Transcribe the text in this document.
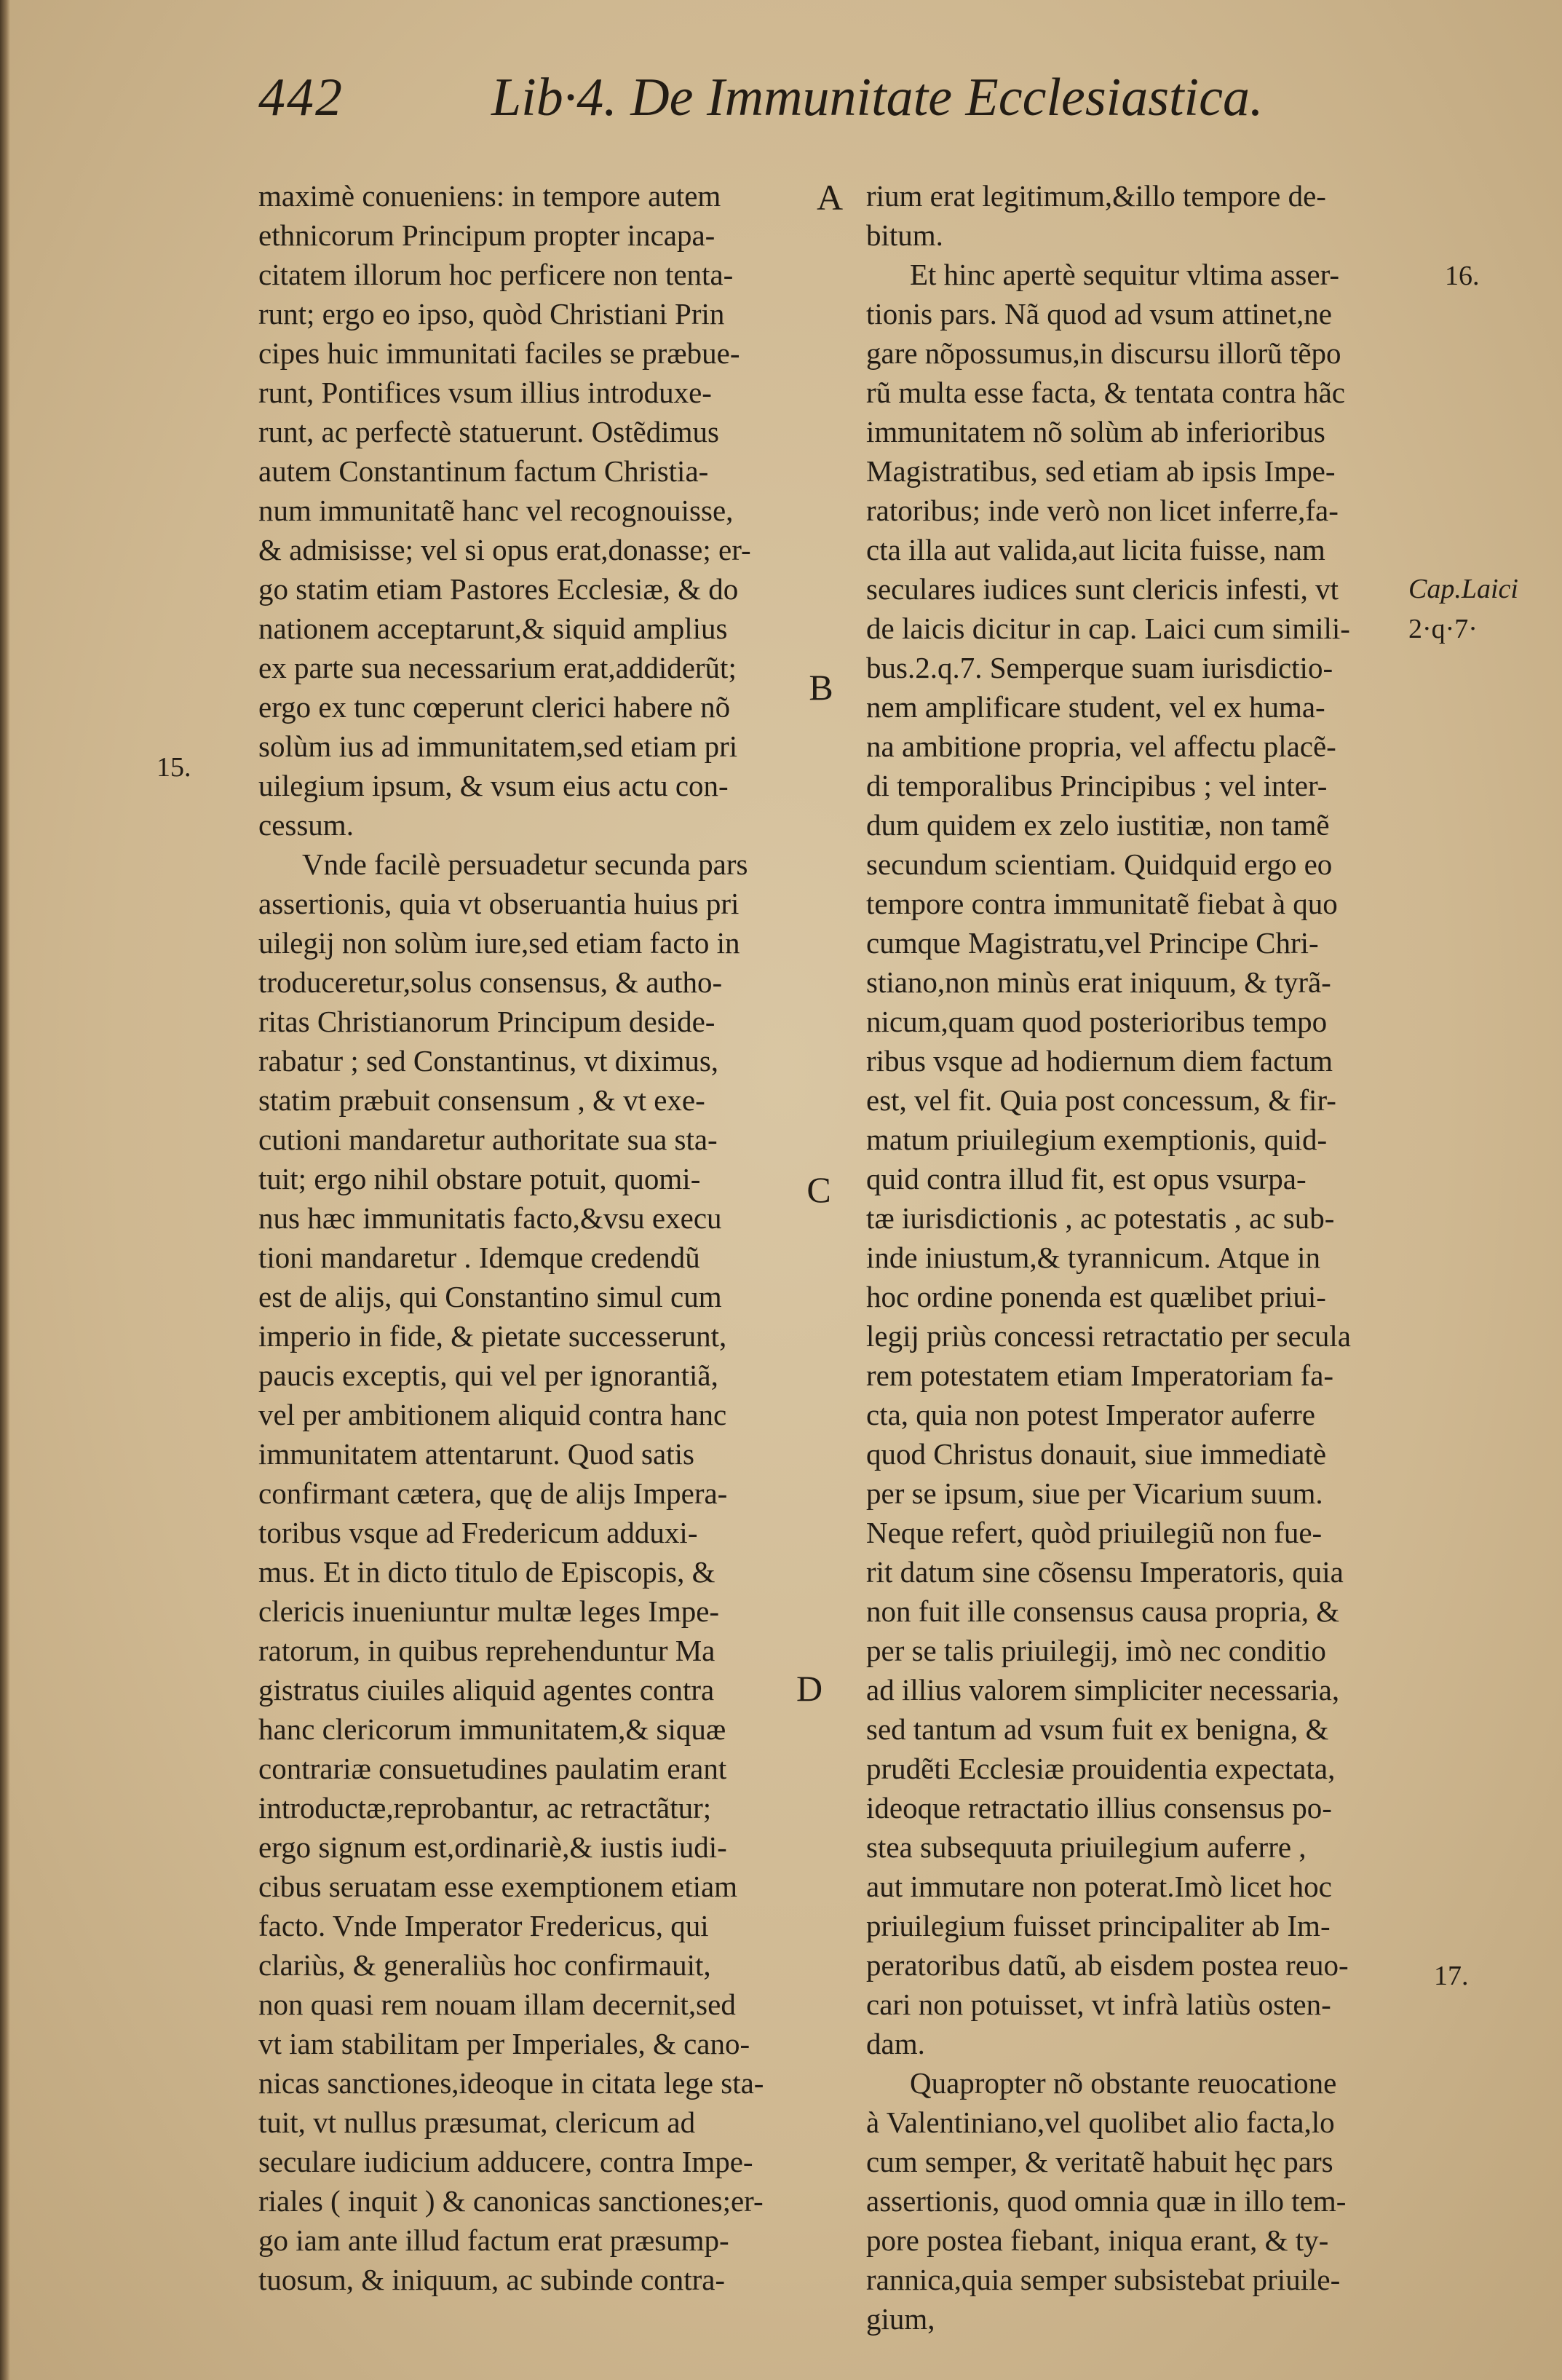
442	Lib·4. De Immunitate Ecclesiastica.
maximè conueniens: in tempore autem
ethnicorum Principum propter incapa-
citatem illorum hoc perficere non tenta-
runt; ergo eo ipso, quòd Christiani Prin
cipes huic immunitati faciles se præbue-
runt, Pontifices vsum illius introduxe-
runt, ac perfectè statuerunt. Ostẽdimus
autem Constantinum factum Christia-
num immunitatẽ hanc vel recognouisse,
& admisisse; vel si opus erat,donasse; er-
go statim etiam Pastores Ecclesiæ, & do
nationem acceptarunt,& siquid amplius
ex parte sua necessarium erat,addiderũt;
ergo ex tunc cœperunt clerici habere nõ
solùm ius ad immunitatem,sed etiam pri
uilegium ipsum, & vsum eius actu con-
cessum.
Vnde facilè persuadetur secunda pars
assertionis, quia vt obseruantia huius pri
uilegij non solùm iure,sed etiam facto in
troduceretur,solus consensus, & autho-
ritas Christianorum Principum deside-
rabatur ; sed Constantinus, vt diximus,
statim præbuit consensum , & vt exe-
cutioni mandaretur authoritate sua sta-
tuit; ergo nihil obstare potuit, quomi-
nus hæc immunitatis facto,&vsu execu
tioni mandaretur . Idemque credendũ
est de alijs, qui Constantino simul cum
imperio in fide, & pietate successerunt,
paucis exceptis, qui vel per ignorantiã,
vel per ambitionem aliquid contra hanc
immunitatem attentarunt. Quod satis
confirmant cætera, quę de alijs Impera-
toribus vsque ad Fredericum adduxi-
mus. Et in dicto titulo de Episcopis, &
clericis inueniuntur multæ leges Impe-
ratorum, in quibus reprehenduntur Ma
gistratus ciuiles aliquid agentes contra
hanc clericorum immunitatem,& siquæ
contrariæ consuetudines paulatim erant
introductæ,reprobantur, ac retractãtur;
ergo signum est,ordinariè,& iustis iudi-
cibus seruatam esse exemptionem etiam
facto. Vnde Imperator Fredericus, qui
clariùs, & generaliùs hoc confirmauit,
non quasi rem nouam illam decernit,sed
vt iam stabilitam per Imperiales, & cano-
nicas sanctiones,ideoque in citata lege sta-
tuit, vt nullus præsumat, clericum ad
seculare iudicium adducere, contra Impe-
riales ( inquit ) & canonicas sanctiones;er-
go iam ante illud factum erat præsump-
tuosum, & iniquum, ac subinde contra-
rium erat legitimum,&illo tempore de-
bitum.
Et hinc apertè sequitur vltima asser-
tionis pars. Nã quod ad vsum attinet,ne
gare nõpossumus,in discursu illorũ tẽpo
rũ multa esse facta, & tentata contra hãc
immunitatem nõ solùm ab inferioribus
Magistratibus, sed etiam ab ipsis Impe-
ratoribus; inde verò non licet inferre,fa-
cta illa aut valida,aut licita fuisse, nam
seculares iudices sunt clericis infesti, vt
de laicis dicitur in cap. Laici cum simili-
bus.2.q.7. Semperque suam iurisdictio-
nem amplificare student, vel ex huma-
na ambitione propria, vel affectu placẽ-
di temporalibus Principibus ; vel inter-
dum quidem ex zelo iustitiæ, non tamẽ
secundum scientiam. Quidquid ergo eo
tempore contra immunitatẽ fiebat à quo
cumque Magistratu,vel Principe Chri-
stiano,non minùs erat iniquum, & tyrã-
nicum,quam quod posterioribus tempo
ribus vsque ad hodiernum diem factum
est, vel fit. Quia post concessum, & fir-
matum priuilegium exemptionis, quid-
quid contra illud fit, est opus vsurpa-
tæ iurisdictionis , ac potestatis , ac sub-
inde iniustum,& tyrannicum. Atque in
hoc ordine ponenda est quælibet priui-
legij priùs concessi retractatio per secula
rem potestatem etiam Imperatoriam fa-
cta, quia non potest Imperator auferre
quod Christus donauit, siue immediatè
per se ipsum, siue per Vicarium suum.
Neque refert, quòd priuilegiũ non fue-
rit datum sine cõsensu Imperatoris, quia
non fuit ille consensus causa propria, &
per se talis priuilegij, imò nec conditio
ad illius valorem simpliciter necessaria,
sed tantum ad vsum fuit ex benigna, &
prudẽti Ecclesiæ prouidentia expectata,
ideoque retractatio illius consensus po-
stea subsequuta priuilegium auferre ,
aut immutare non poterat.Imò licet hoc
priuilegium fuisset principaliter ab Im-
peratoribus datũ, ab eisdem postea reuo-
cari non potuisset, vt infrà latiùs osten-
dam.
Quapropter nõ obstante reuocatione
à Valentiniano,vel quolibet alio facta,lo
cum semper, & veritatẽ habuit hęc pars
assertionis, quod omnia quæ in illo tem-
pore postea fiebant, iniqua erant, & ty-
rannica,quia semper subsistebat priuile-
gium,
A
B
C
D
15.
16.
Cap.Laici
2·q·7·
17.
